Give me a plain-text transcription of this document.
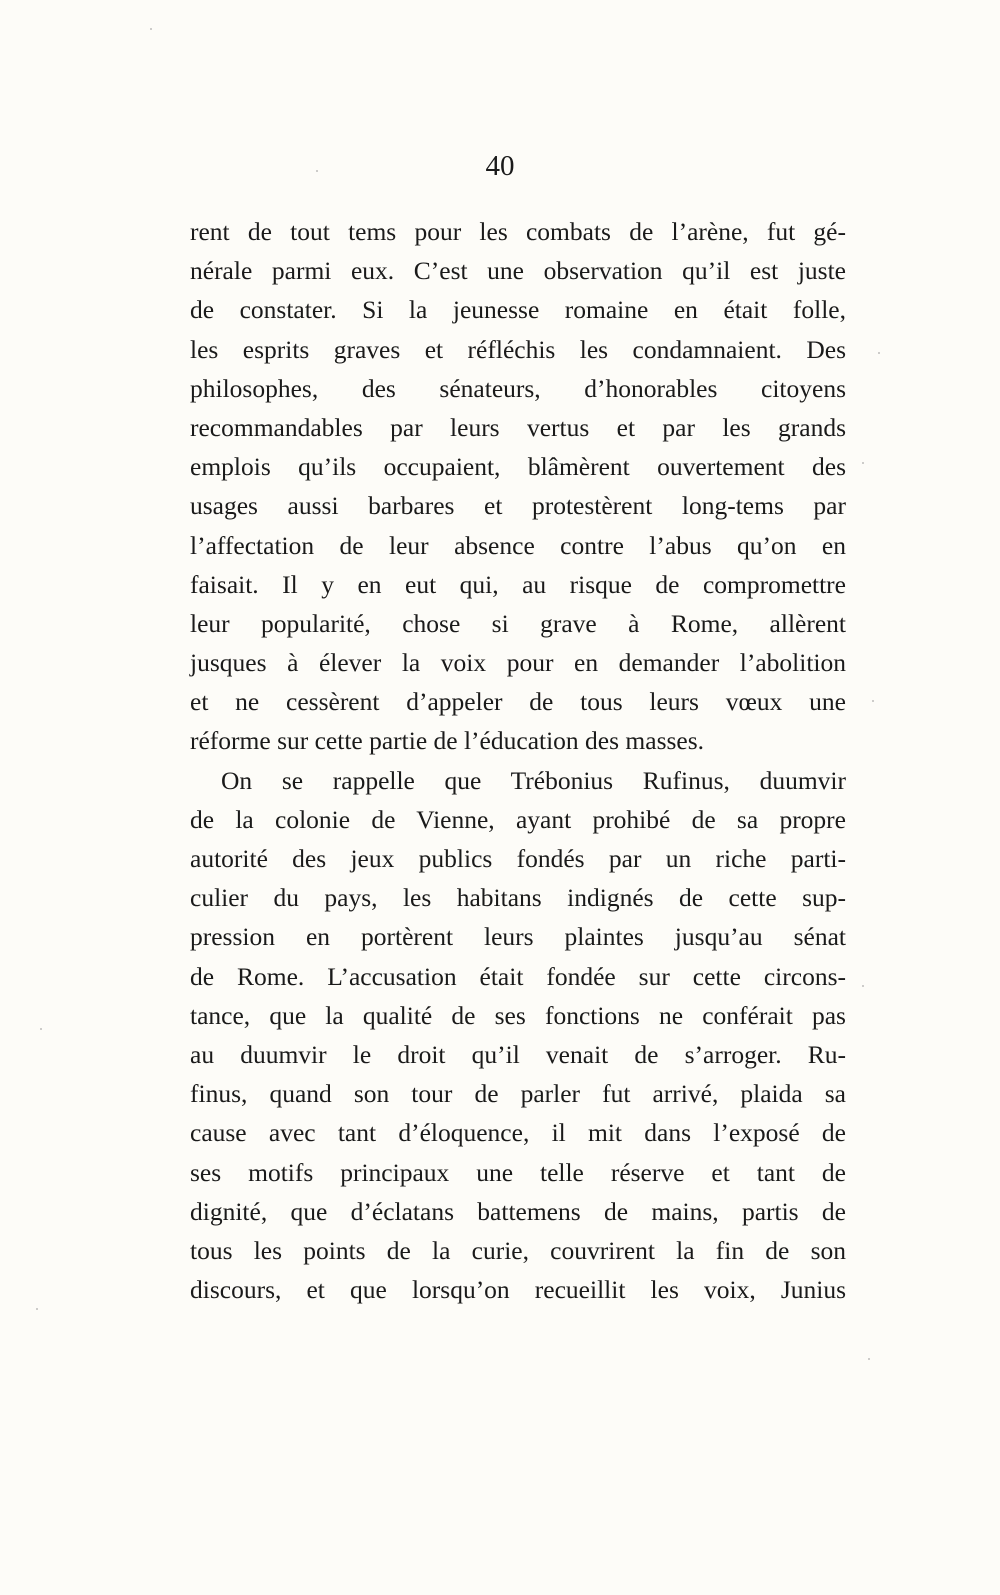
40
rent de tout tems pour les combats de l’arène, fut gé-
nérale parmi eux. C’est une observation qu’il est juste
de constater. Si la jeunesse romaine en était folle,
les esprits graves et réfléchis les condamnaient. Des
philosophes, des sénateurs, d’honorables citoyens
recommandables par leurs vertus et par les grands
emplois qu’ils occupaient, blâmèrent ouvertement des
usages aussi barbares et protestèrent long-tems par
l’affectation de leur absence contre l’abus qu’on en
faisait. Il y en eut qui, au risque de compromettre
leur popularité, chose si grave à Rome, allèrent
jusques à élever la voix pour en demander l’abolition
et ne cessèrent d’appeler de tous leurs vœux une
réforme sur cette partie de l’éducation des masses.
On se rappelle que Trébonius Rufinus, duumvir
de la colonie de Vienne, ayant prohibé de sa propre
autorité des jeux publics fondés par un riche parti-
culier du pays, les habitans indignés de cette sup-
pression en portèrent leurs plaintes jusqu’au sénat
de Rome. L’accusation était fondée sur cette circons-
tance, que la qualité de ses fonctions ne conférait pas
au duumvir le droit qu’il venait de s’arroger. Ru-
finus, quand son tour de parler fut arrivé, plaida sa
cause avec tant d’éloquence, il mit dans l’exposé de
ses motifs principaux une telle réserve et tant de
dignité, que d’éclatans battemens de mains, partis de
tous les points de la curie, couvrirent la fin de son
discours, et que lorsqu’on recueillit les voix, Junius
